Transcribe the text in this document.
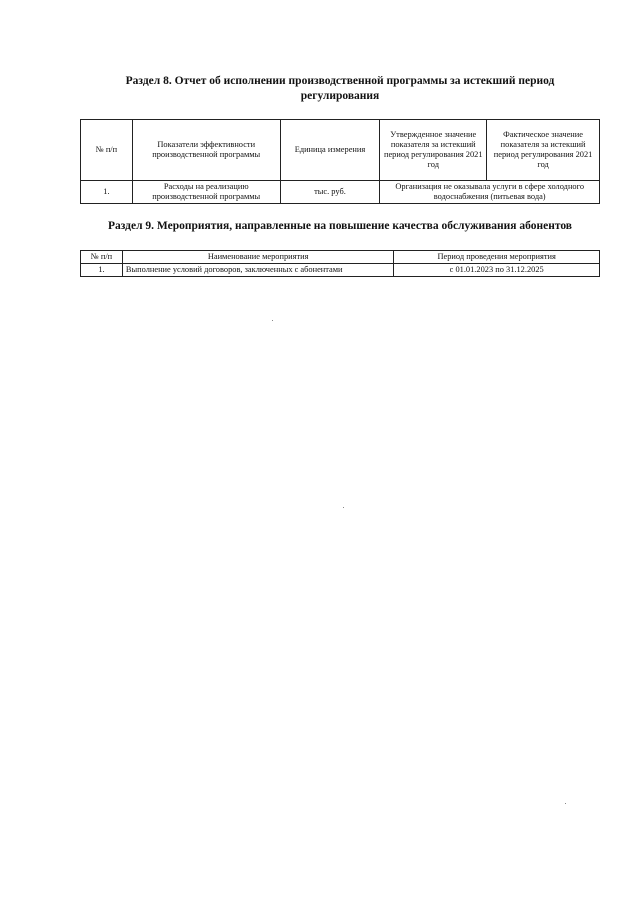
Раздел 8. Отчет об исполнении производственной программы за истекший период
регулирования
№ п/п	Показатели эффективности производственной программы	Единица измерения	Утвержденное значение показателя за истекший период регулирования 2021 год	Фактическое значение показателя за истекший период регулирования 2021 год
1.	Расходы на реализацию производственной программы	тыс. руб.	Организация не оказывала услуги в сфере холодного водоснабжения (питьевая вода)	
Раздел 9. Мероприятия, направленные на повышение качества обслуживания абонентов
№ п/п	Наименование мероприятия	Период проведения мероприятия
1.	Выполнение условий договоров, заключенных с абонентами	с 01.01.2023 по 31.12.2025
